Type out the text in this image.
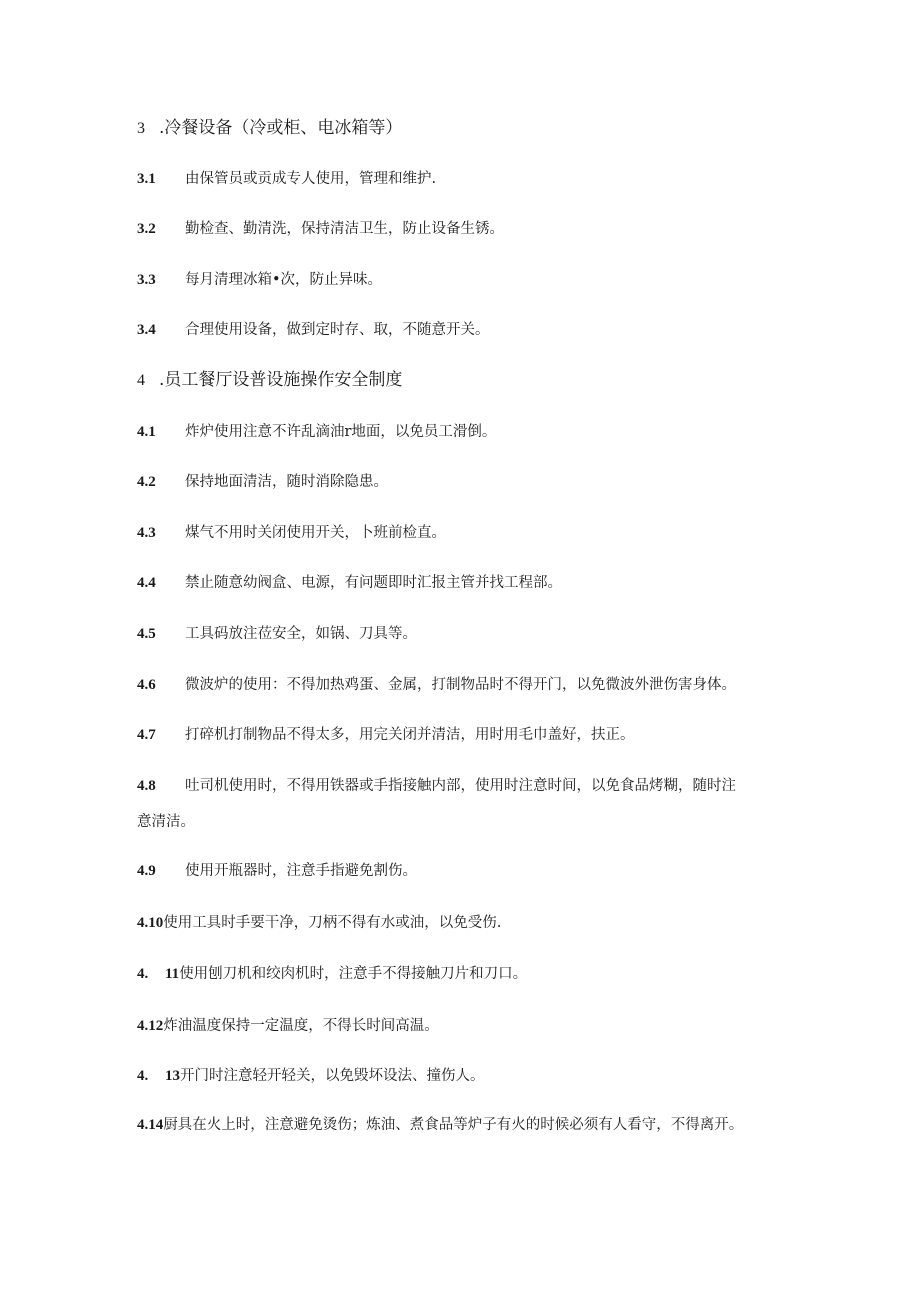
3 .冷餐设备（冷或柜、电冰箱等）
3.1 由保管员或贡成专人使用，管理和维护.
3.2 勤检查、勤清洗，保持清洁卫生，防止设备生锈。
3.3 每月清理冰箱•次，防止异味。
3.4 合理使用设备，做到定时存、取，不随意开关。
4 .员工餐厅设普设施操作安全制度
4.1 炸炉使用注意不许乱滴油r地面，以免员工滑倒。
4.2 保持地面清洁，随时消除隐患。
4.3 煤气不用时关闭使用开关，卜班前检直。
4.4 禁止随意幼阀盒、电源，有问题即时汇报主管并找工程部。
4.5 工具码放注莅安全，如锅、刀具等。
4.6 微波炉的使用：不得加热鸡蛋、金属，打制物品时不得开门，以免微波外泄伤害身体。
4.7 打碎机打制物品不得太多，用完关闭并清洁，用时用毛巾盖好，扶正。
4.8 吐司机使用时，不得用铁器或手指接触内部，使用时注意时间，以免食品烤糊，随时注
意清洁。
4.9 使用开瓶器时，注意手指避免割伤。
4.10使用工具时手要干净，刀柄不得有水或油，以免受伤.
4. 11使用刨刀机和绞肉机时，注意手不得接触刀片和刀口。
4.12炸油温度保持一定温度，不得长时间高温。
4. 13开门时注意轻开轻关，以免毁坏设法、撞伤人。
4.14厨具在火上时，注意避免烫伤；炼油、煮食品等炉子有火的时候必须有人看守，不得离开。
